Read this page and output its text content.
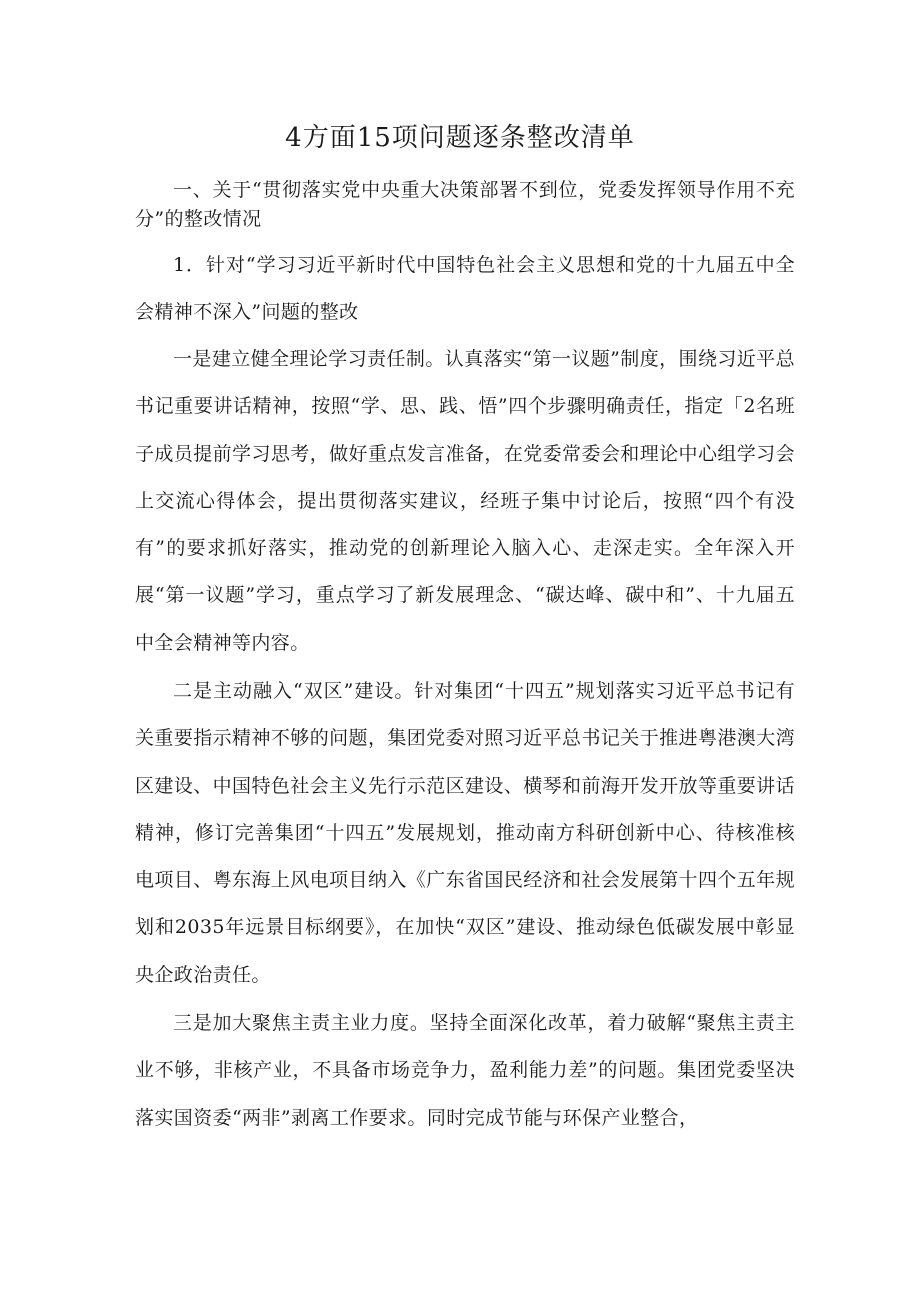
4方面15项问题逐条整改清单

一、关于“贯彻落实党中央重大决策部署不到位，党委发挥领导作用不充分”的整改情况

1．针对“学习习近平新时代中国特色社会主义思想和党的十九届五中全会精神不深入”问题的整改

一是建立健全理论学习责任制。认真落实“第一议题”制度，围绕习近平总书记重要讲话精神，按照“学、思、践、悟”四个步骤明确责任，指定「2名班子成员提前学习思考，做好重点发言准备，在党委常委会和理论中心组学习会上交流心得体会，提出贯彻落实建议，经班子集中讨论后，按照“四个有没有”的要求抓好落实，推动党的创新理论入脑入心、走深走实。全年深入开展“第一议题”学习，重点学习了新发展理念、“碳达峰、碳中和”、十九届五中全会精神等内容。

二是主动融入“双区”建设。针对集团“十四五”规划落实习近平总书记有关重要指示精神不够的问题，集团党委对照习近平总书记关于推进粤港澳大湾区建设、中国特色社会主义先行示范区建设、横琴和前海开发开放等重要讲话精神，修订完善集团“十四五”发展规划，推动南方科研创新中心、待核准核电项目、粤东海上风电项目纳入《广东省国民经济和社会发展第十四个五年规划和2035年远景目标纲要》，在加快“双区”建设、推动绿色低碳发展中彰显央企政治责任。

三是加大聚焦主责主业力度。坚持全面深化改革，着力破解“聚焦主责主业不够，非核产业，不具备市场竞争力，盈利能力差”的问题。集团党委坚决落实国资委“两非”剥离工作要求。同时完成节能与环保产业整合，
